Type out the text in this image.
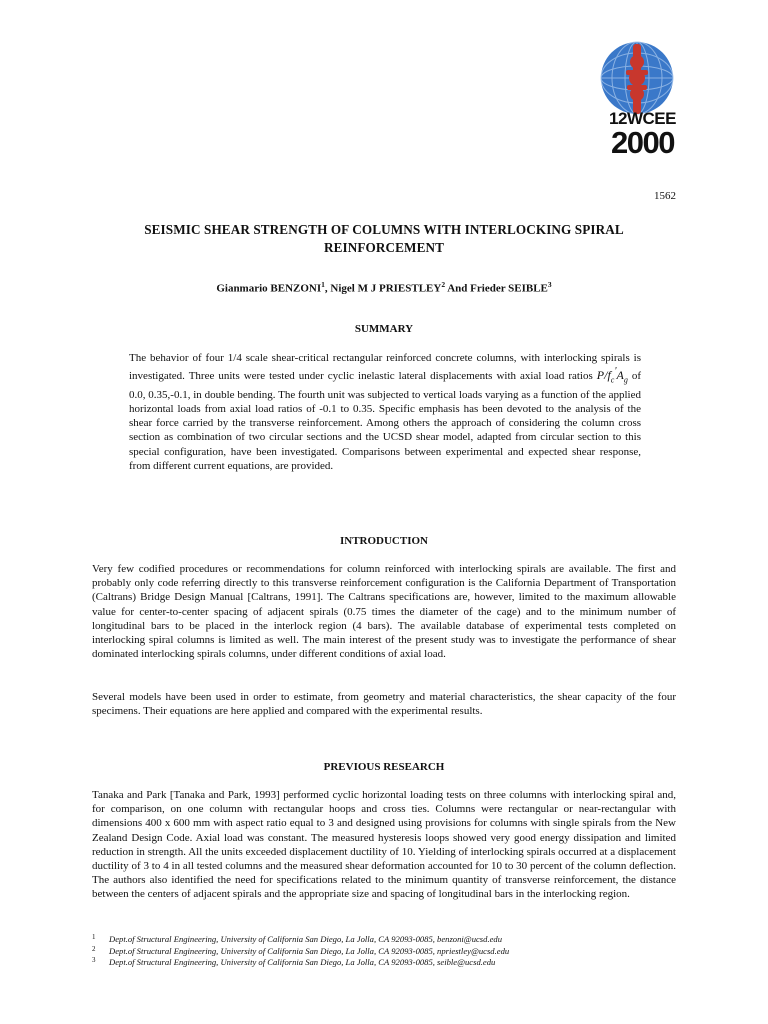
12WCEE
2000
1562
SEISMIC SHEAR STRENGTH OF COLUMNS WITH INTERLOCKING SPIRAL
REINFORCEMENT
Gianmario BENZONI$^1$, Nigel M J PRIESTLEY$^2$ And Frieder SEIBLE$^3$
SUMMARY
The behavior of four 1/4 scale shear-critical rectangular reinforced concrete columns, with interlocking spirals is investigated. Three units were tested under cyclic inelastic lateral displacements with axial load ratios $P/f_c'A_g$ of 0.0, 0.35,-0.1, in double bending. The fourth unit was subjected to vertical loads varying as a function of the applied horizontal loads from axial load ratios of -0.1 to 0.35. Specific emphasis has been devoted to the analysis of the shear force carried by the transverse reinforcement. Among others the approach of considering the column cross section as combination of two circular sections and the UCSD shear model, adapted from circular section to this special configuration, have been investigated. Comparisons between experimental and expected shear response, from different current equations, are provided.
INTRODUCTION
Very few codified procedures or recommendations for column reinforced with interlocking spirals are available. The first and probably only code referring directly to this transverse reinforcement configuration is the California Department of Transportation (Caltrans) Bridge Design Manual [Caltrans, 1991]. The Caltrans specifications are, however, limited to the maximum allowable value for center-to-center spacing of adjacent spirals (0.75 times the diameter of the cage) and to the minimum number of longitudinal bars to be placed in the interlock region (4 bars). The available database of experimental tests completed on interlocking spiral columns is limited as well. The main interest of the present study was to investigate the performance of shear dominated interlocking spirals columns, under different conditions of axial load.
Several models have been used in order to estimate, from geometry and material characteristics, the shear capacity of the four specimens. Their equations are here applied and compared with the experimental results.
PREVIOUS RESEARCH
Tanaka and Park [Tanaka and Park, 1993] performed cyclic horizontal loading tests on three columns with interlocking spiral and, for comparison, on one column with rectangular hoops and cross ties. Columns were rectangular or near-rectangular with dimensions 400 x 600 mm with aspect ratio equal to 3 and designed using provisions for columns with single spirals from the New Zealand Design Code. Axial load was constant. The measured hysteresis loops showed very good energy dissipation and limited reduction in strength. All the units exceeded displacement ductility of 10. Yielding of interlocking spirals occurred at a displacement ductility of 3 to 4 in all tested columns and the measured shear deformation accounted for 10 to 30 percent of the column deflection. The authors also identified the need for specifications related to the minimum quantity of transverse reinforcement, the distance between the centers of adjacent spirals and the appropriate size and spacing of longitudinal bars in the interlocking region.
1 Dept.of Structural Engineering, University of California San Diego, La Jolla, CA 92093-0085, benzoni@ucsd.edu
2 Dept.of Structural Engineering, University of California San Diego, La Jolla, CA 92093-0085, npriestley@ucsd.edu
3 Dept.of Structural Engineering, University of California San Diego, La Jolla, CA 92093-0085, seible@ucsd.edu
